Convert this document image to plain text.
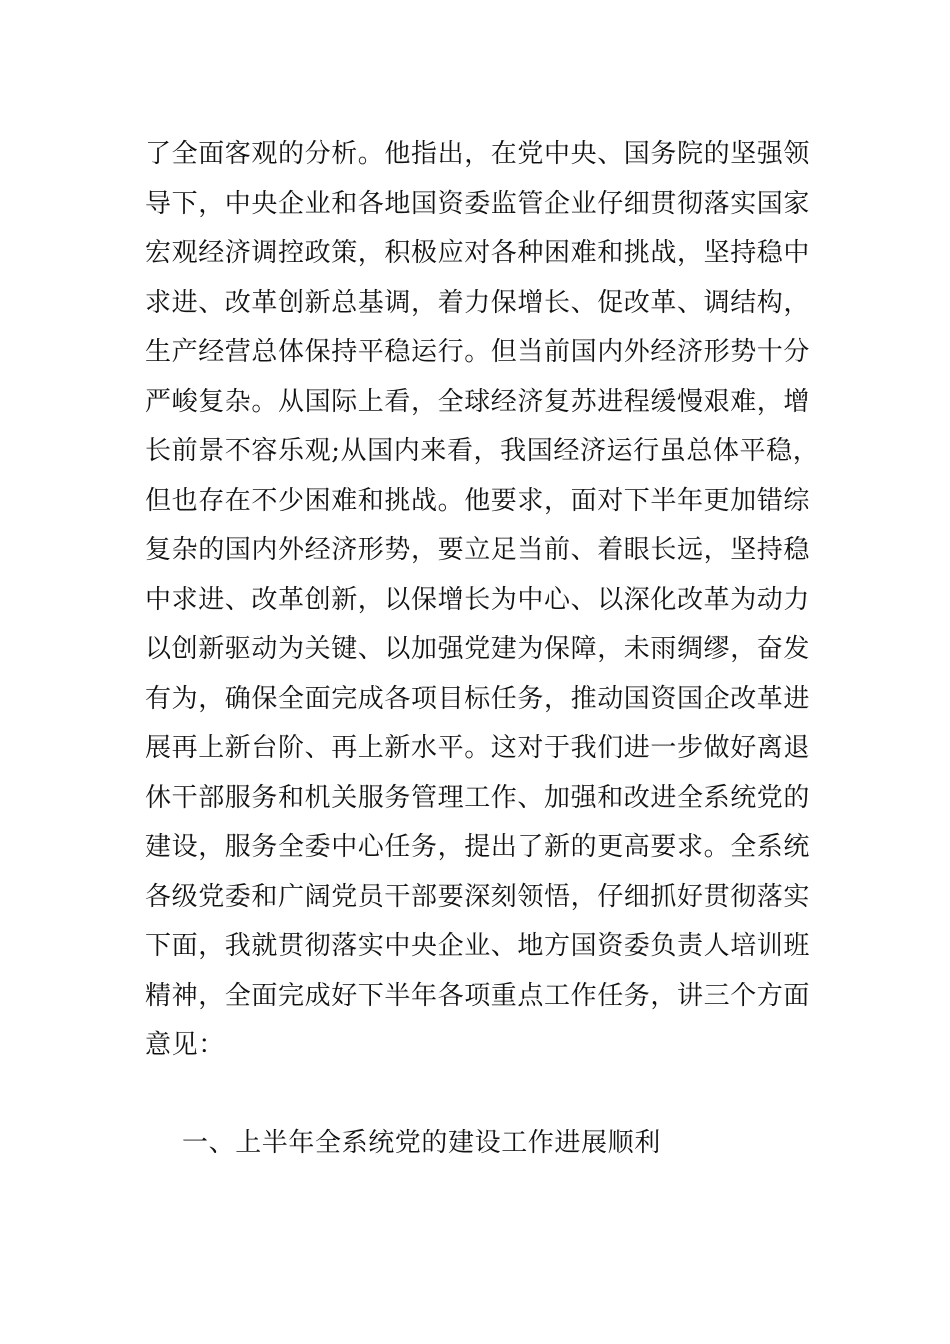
了全面客观的分析。他指出，在党中央、国务院的坚强领
导下，中央企业和各地国资委监管企业仔细贯彻落实国家
宏观经济调控政策，积极应对各种困难和挑战，坚持稳中
求进、改革创新总基调，着力保增长、促改革、调结构，
生产经营总体保持平稳运行。但当前国内外经济形势十分
严峻复杂。从国际上看，全球经济复苏进程缓慢艰难，增
长前景不容乐观;从国内来看，我国经济运行虽总体平稳，
但也存在不少困难和挑战。他要求，面对下半年更加错综
复杂的国内外经济形势，要立足当前、着眼长远，坚持稳
中求进、改革创新，以保增长为中心、以深化改革为动力
以创新驱动为关键、以加强党建为保障，未雨绸缪，奋发
有为，确保全面完成各项目标任务，推动国资国企改革进
展再上新台阶、再上新水平。这对于我们进一步做好离退
休干部服务和机关服务管理工作、加强和改进全系统党的
建设，服务全委中心任务，提出了新的更高要求。全系统
各级党委和广阔党员干部要深刻领悟，仔细抓好贯彻落实
下面，我就贯彻落实中央企业、地方国资委负责人培训班
精神，全面完成好下半年各项重点工作任务，讲三个方面
意见：
一、上半年全系统党的建设工作进展顺利
